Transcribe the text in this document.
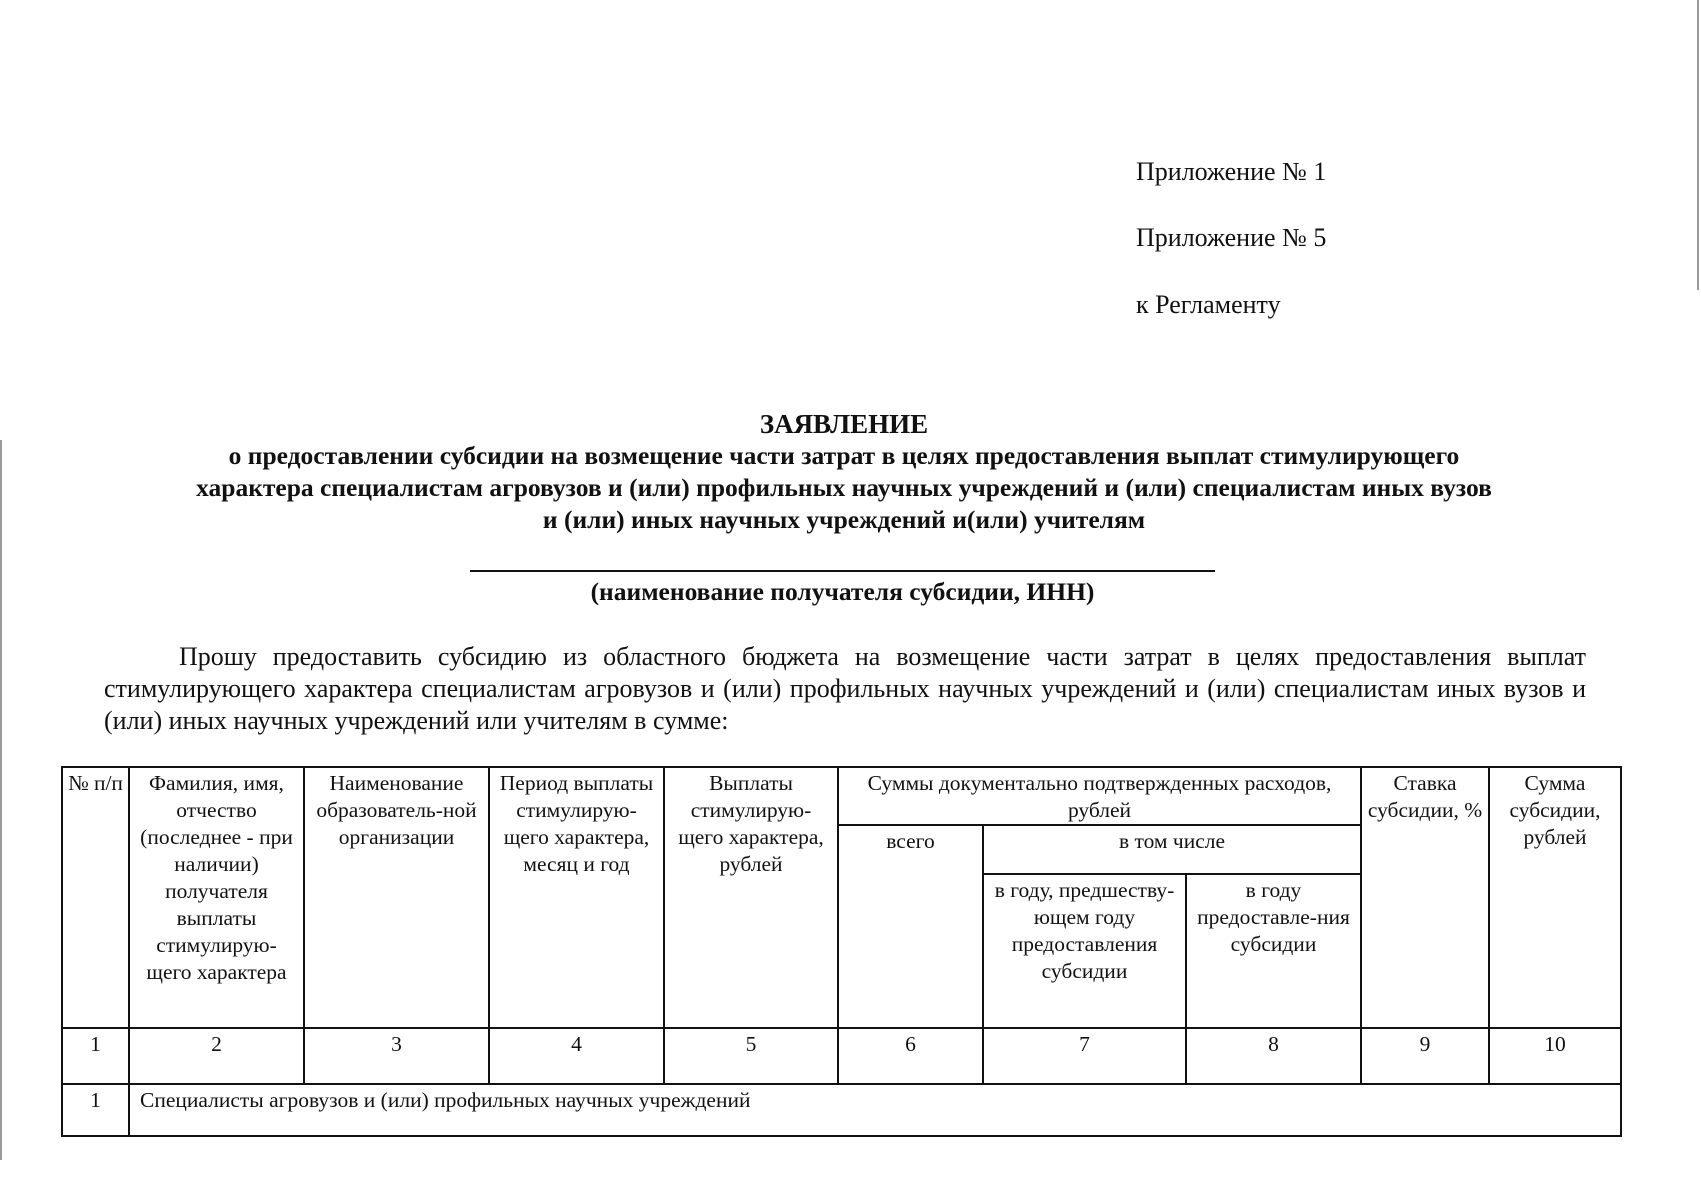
Приложение № 1
Приложение № 5
к Регламенту
ЗАЯВЛЕНИЕ
о предоставлении субсидии на возмещение части затрат в целях предоставления выплат стимулирующего
характера специалистам агровузов и (или) профильных научных учреждений и (или) специалистам иных вузов
и (или) иных научных учреждений и(или) учителям
(наименование получателя субсидии, ИНН)
Прошу предоставить субсидию из областного бюджета на возмещение части затрат в целях предоставления выплат стимулирующего характера специалистам агровузов и (или) профильных научных учреждений и (или) специалистам иных вузов и (или) иных научных учреждений или учителям в сумме:
№ п/п	Фамилия, имя, отчество (последнее - при наличии) получателя выплаты стимулирую-щего характера	Наименование образователь-ной организации	Период выплаты стимулирую-щего характера, месяц и год	Выплаты стимулирую-щего характера, рублей	Суммы документально подтвержденных расходов, рублей			Ставка субсидии, %	Сумма субсидии, рублей
					всего	в том числе			
						в году, предшеству-ющем году предоставления субсидии	в году предоставле-ния субсидии		
1	2	3	4	5	6	7	8	9	10
1	Специалисты агровузов и (или) профильных научных учреждений								
